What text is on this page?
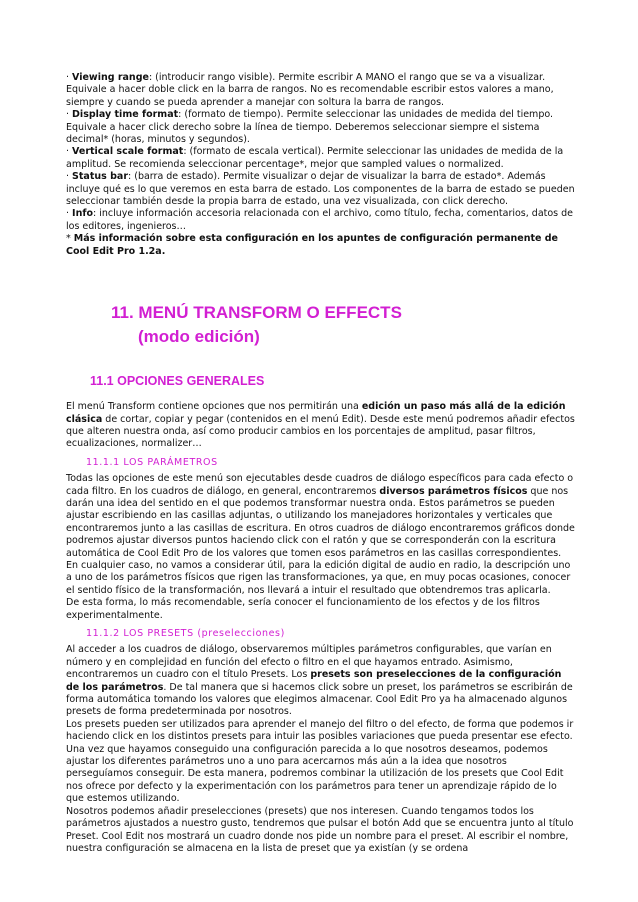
· Viewing range: (introducir rango visible). Permite escribir A MANO el rango que se va a visualizar. Equivale a hacer doble click en la barra de rangos. No es recomendable escribir estos valores a mano, siempre y cuando se pueda aprender a manejar con soltura la barra de rangos.

· Display time format: (formato de tiempo). Permite seleccionar las unidades de medida del tiempo. Equivale a hacer click derecho sobre la línea de tiempo. Deberemos seleccionar siempre el sistema decimal* (horas, minutos y segundos).

· Vertical scale format: (formato de escala vertical). Permite seleccionar las unidades de medida de la amplitud. Se recomienda seleccionar percentage*, mejor que sampled values o normalized.

· Status bar: (barra de estado). Permite visualizar o dejar de visualizar la barra de estado*. Además incluye qué es lo que veremos en esta barra de estado. Los componentes de la barra de estado se pueden seleccionar también desde la propia barra de estado, una vez visualizada, con click derecho.

· Info: incluye información accesoria relacionada con el archivo, como título, fecha, comentarios, datos de los editores, ingenieros…

* Más información sobre esta configuración en los apuntes de configuración permanente de Cool Edit Pro 1.2a.

11. MENÚ TRANSFORM O EFFECTS
(modo edición)
11.1 OPCIONES GENERALES

El menú Transform contiene opciones que nos permitirán una edición un paso más allá de la edición clásica de cortar, copiar y pegar (contenidos en el menú Edit). Desde este menú podremos añadir efectos que alteren nuestra onda, así como producir cambios en los porcentajes de amplitud, pasar filtros, ecualizaciones, normalizer…

11.1.1 LOS PARÁMETROS

Todas las opciones de este menú son ejecutables desde cuadros de diálogo específicos para cada efecto o cada filtro. En los cuadros de diálogo, en general, encontraremos diversos parámetros físicos que nos darán una idea del sentido en el que podemos transformar nuestra onda. Estos parámetros se pueden ajustar escribiendo en las casillas adjuntas, o utilizando los manejadores horizontales y verticales que encontraremos junto a las casillas de escritura. En otros cuadros de diálogo encontraremos gráficos donde podremos ajustar diversos puntos haciendo click con el ratón y que se corresponderán con la escritura automática de Cool Edit Pro de los valores que tomen esos parámetros en las casillas correspondientes.

En cualquier caso, no vamos a considerar útil, para la edición digital de audio en radio, la descripción uno a uno de los parámetros físicos que rigen las transformaciones, ya que, en muy pocas ocasiones, conocer el sentido físico de la transformación, nos llevará a intuir el resultado que obtendremos tras aplicarla.

De esta forma, lo más recomendable, sería conocer el funcionamiento de los efectos y de los filtros experimentalmente.

11.1.2 LOS PRESETS (preselecciones)

Al acceder a los cuadros de diálogo, observaremos múltiples parámetros configurables, que varían en número y en complejidad en función del efecto o filtro en el que hayamos entrado. Asimismo, encontraremos un cuadro con el título Presets. Los presets son preselecciones de la configuración de los parámetros. De tal manera que si hacemos click sobre un preset, los parámetros se escribirán de forma automática tomando los valores que elegimos almacenar. Cool Edit Pro ya ha almacenado algunos presets de forma predeterminada por nosotros.

Los presets pueden ser utilizados para aprender el manejo del filtro o del efecto, de forma que podemos ir haciendo click en los distintos presets para intuir las posibles variaciones que pueda presentar ese efecto. Una vez que hayamos conseguido una configuración parecida a lo que nosotros deseamos, podemos ajustar los diferentes parámetros uno a uno para acercarnos más aún a la idea que nosotros perseguíamos conseguir. De esta manera, podremos combinar la utilización de los presets que Cool Edit nos ofrece por defecto y la experimentación con los parámetros para tener un aprendizaje rápido de lo que estemos utilizando.

Nosotros podemos añadir preselecciones (presets) que nos interesen. Cuando tengamos todos los parámetros ajustados a nuestro gusto, tendremos que pulsar el botón Add que se encuentra junto al título Preset. Cool Edit nos mostrará un cuadro donde nos pide un nombre para el preset. Al escribir el nombre, nuestra configuración se almacena en la lista de preset que ya existían (y se ordena
